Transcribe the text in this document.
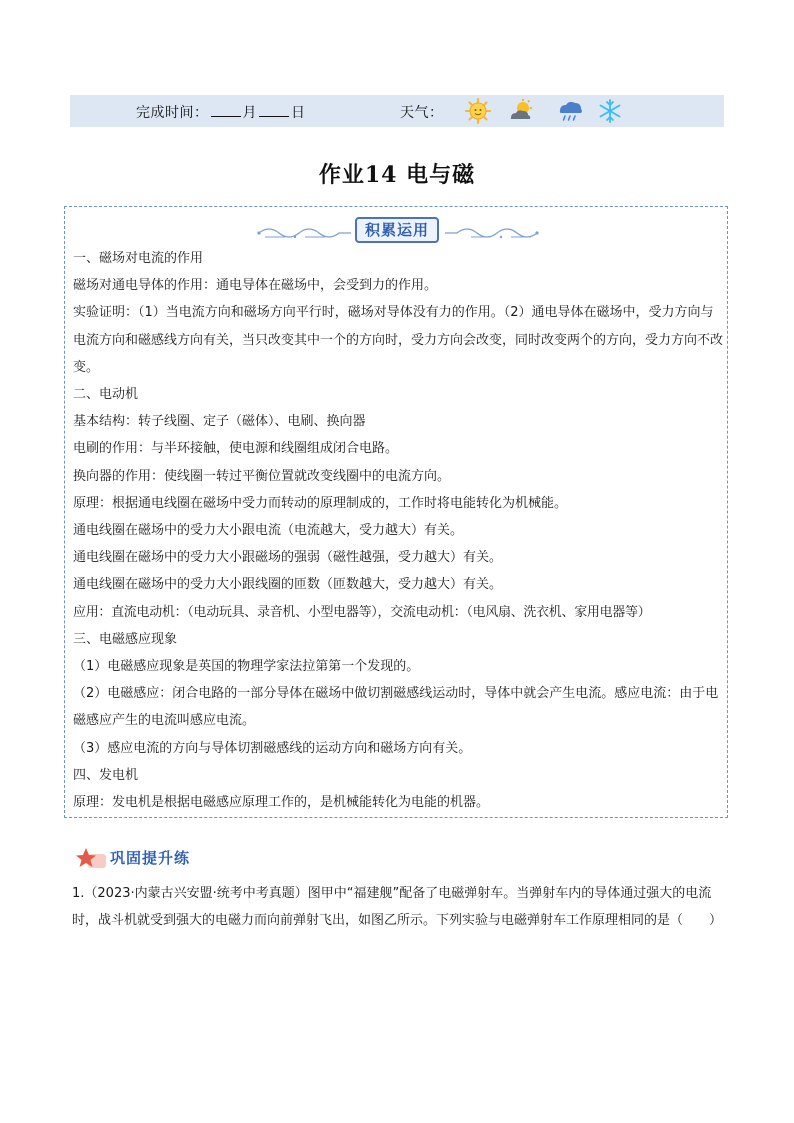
完成时间： 月 日	天气：
作业14 电与磁
积累运用

一、磁场对电流的作用

磁场对通电导体的作用：通电导体在磁场中，会受到力的作用。

实验证明：（1）当电流方向和磁场方向平行时，磁场对导体没有力的作用。（2）通电导体在磁场中，受力方向与电流方向和磁感线方向有关，当只改变其中一个的方向时，受力方向会改变，同时改变两个的方向，受力方向不改变。

二、电动机

基本结构：转子线圈、定子（磁体）、电刷、换向器

电刷的作用：与半环接触，使电源和线圈组成闭合电路。

换向器的作用：使线圈一转过平衡位置就改变线圈中的电流方向。

原理：根据通电线圈在磁场中受力而转动的原理制成的，工作时将电能转化为机械能。

通电线圈在磁场中的受力大小跟电流（电流越大，受力越大）有关。

通电线圈在磁场中的受力大小跟磁场的强弱（磁性越强，受力越大）有关。

通电线圈在磁场中的受力大小跟线圈的匝数（匝数越大，受力越大）有关。

应用：直流电动机：（电动玩具、录音机、小型电器等），交流电动机：（电风扇、洗衣机、家用电器等）

三、电磁感应现象

（1）电磁感应现象是英国的物理学家法拉第第一个发现的。

（2）电磁感应：闭合电路的一部分导体在磁场中做切割磁感线运动时，导体中就会产生电流。感应电流：由于电磁感应产生的电流叫感应电流。

（3）感应电流的方向与导体切割磁感线的运动方向和磁场方向有关。

四、发电机

原理：发电机是根据电磁感应原理工作的，是机械能转化为电能的机器。

巩固提升练

1.（2023·内蒙古兴安盟·统考中考真题）图甲中“福建舰”配备了电磁弹射车。当弹射车内的导体通过强大的电流时，战斗机就受到强大的电磁力而向前弹射飞出，如图乙所示。下列实验与电磁弹射车工作原理相同的是（　　）
